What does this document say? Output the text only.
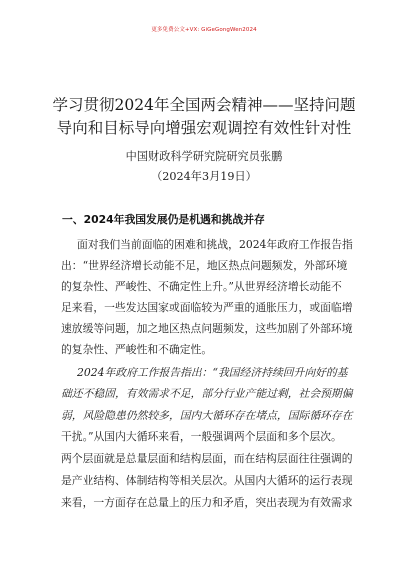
更多免费公文+VX: GiGeGongWen2024
学习贯彻2024年全国两会精神——坚持问题
导向和目标导向增强宏观调控有效性针对性
中国财政科学研究院研究员张鹏
（2024年3月19日）
一、2024年我国发展仍是机遇和挑战并存
面对我们当前面临的困难和挑战，2024年政府工作报告指
出：“世界经济增长动能不足，地区热点问题频发，外部环境
的复杂性、严峻性、不确定性上升。”从世界经济增长动能不
足来看，一些发达国家或面临较为严重的通胀压力，或面临增
速放缓等问题，加之地区热点问题频发，这些加剧了外部环境
的复杂性、严峻性和不确定性。
2024年政府工作报告指出：“我国经济持续回升向好的基
础还不稳固，有效需求不足，部分行业产能过剩，社会预期偏
弱，风险隐患仍然较多，国内大循环存在堵点，国际循环存在
干扰。”从国内大循环来看，一般强调两个层面和多个层次。
两个层面就是总量层面和结构层面，而在结构层面往往强调的
是产业结构、体制结构等相关层次。从国内大循环的运行表现
来看，一方面存在总量上的压力和矛盾，突出表现为有效需求
